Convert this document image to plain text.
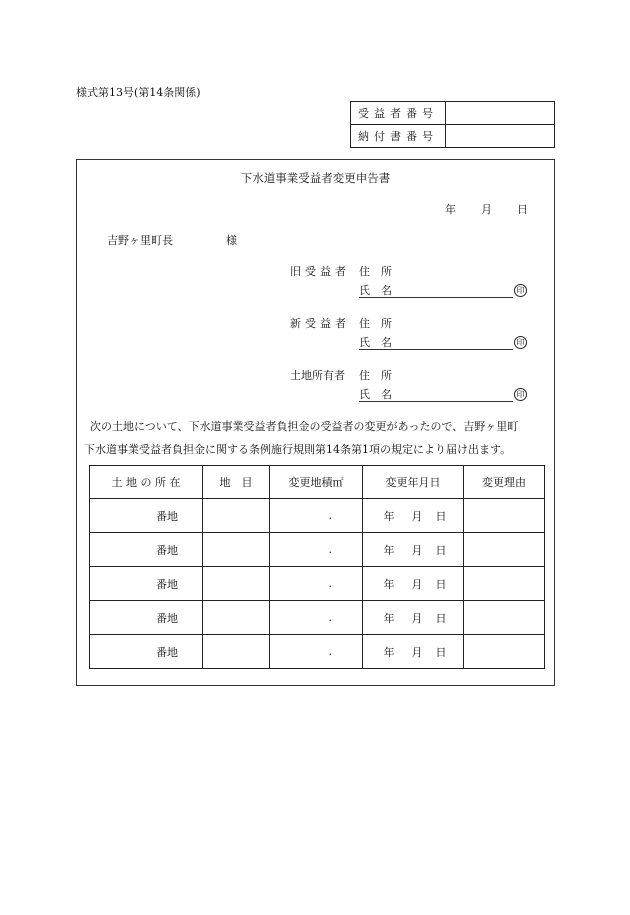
様式第13号(第14条関係)
受益者番号	
納付書番号	
下水道事業受益者変更申告書
年 月 日
吉野ヶ里町長	様
旧受益者 住　所
氏　名	印
新受益者 住　所
氏　名	印
土地所有者 住　所
氏　名	印
次の土地について、下水道事業受益者負担金の受益者の変更があったので、吉野ヶ里町
下水道事業受益者負担金に関する条例施行規則第14条第1項の規定により届け出ます。
土 地 の 所 在	地　目	変更地積㎡	変更年月日	変更理由
番地		.	年 月 日	
番地		.	年 月 日	
番地		.	年 月 日	
番地		.	年 月 日	
番地		.	年 月 日	
